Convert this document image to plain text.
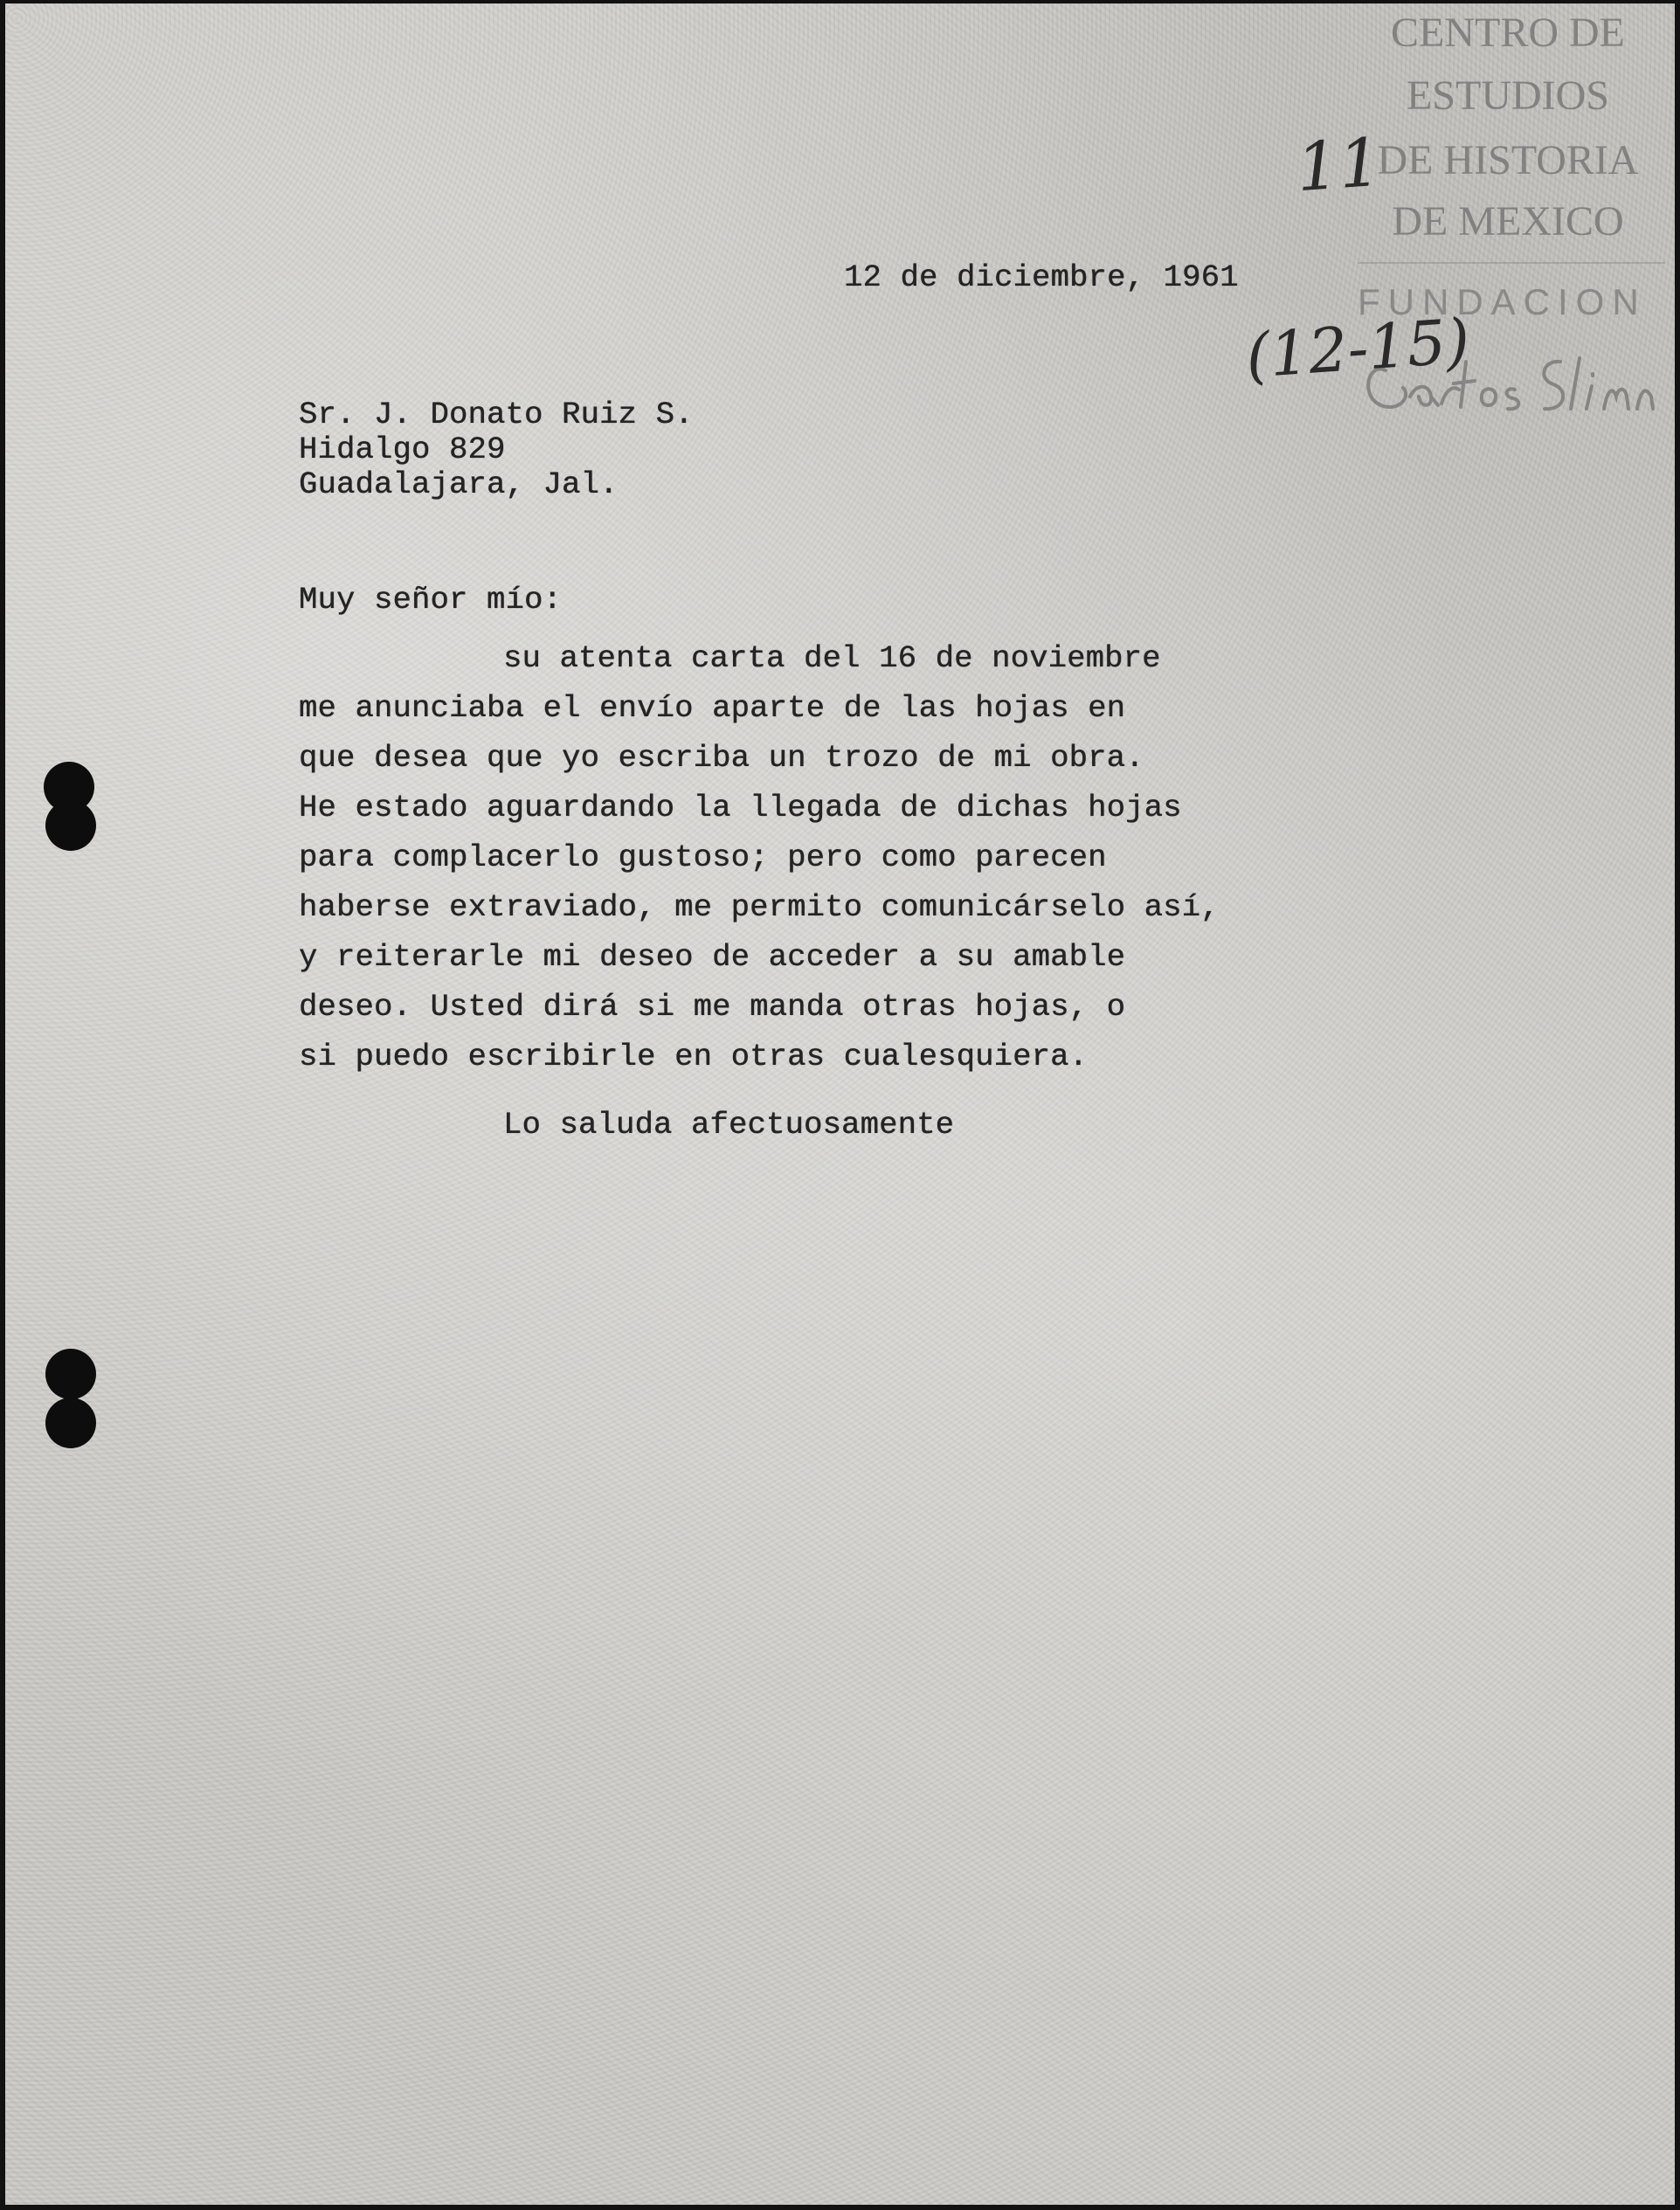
CENTRO DE
ESTUDIOS
DE HISTORIA
DE MEXICO
FUNDACION
11
(12-15)
12 de diciembre, 1961
Sr. J. Donato Ruiz S.
Hidalgo 829
Guadalajara, Jal.
Muy señor mío:
su atenta carta del 16 de noviembre
me anunciaba el envío aparte de las hojas en
que desea que yo escriba un trozo de mi obra.
He estado aguardando la llegada de dichas hojas
para complacerlo gustoso; pero como parecen
haberse extraviado, me permito comunicárselo así,
y reiterarle mi deseo de acceder a su amable
deseo. Usted dirá si me manda otras hojas, o
si puedo escribirle en otras cualesquiera.
Lo saluda afectuosamente
